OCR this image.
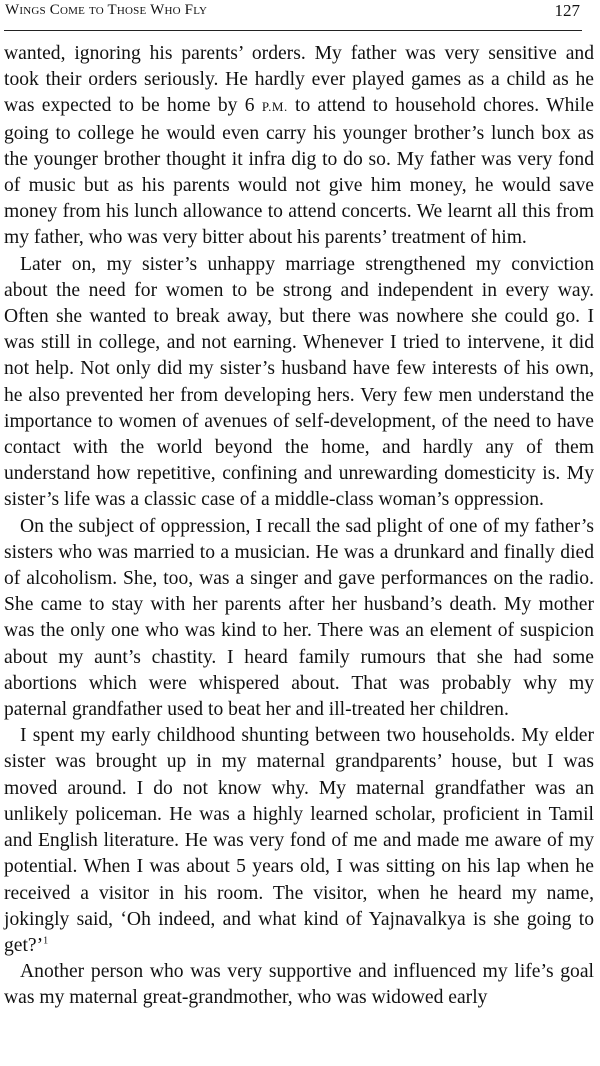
Wings Come to Those Who Fly	127

wanted, ignoring his parents’ orders. My father was very sensitive and took their orders seriously. He hardly ever played games as a child as he was expected to be home by 6 P.M. to attend to household chores. While going to college he would even carry his younger brother’s lunch box as the younger brother thought it infra dig to do so. My father was very fond of music but as his parents would not give him money, he would save money from his lunch allowance to attend concerts. We learnt all this from my father, who was very bitter about his parents’ treatment of him.

Later on, my sister’s unhappy marriage strengthened my conviction about the need for women to be strong and independent in every way. Often she wanted to break away, but there was nowhere she could go. I was still in college, and not earning. Whenever I tried to intervene, it did not help. Not only did my sister’s husband have few interests of his own, he also prevented her from developing hers. Very few men understand the importance to women of avenues of self-development, of the need to have contact with the world beyond the home, and hardly any of them understand how repetitive, confining and unrewarding domesticity is. My sister’s life was a classic case of a middle-class woman’s oppression.

On the subject of oppression, I recall the sad plight of one of my father’s sisters who was married to a musician. He was a drunkard and finally died of alcoholism. She, too, was a singer and gave performances on the radio. She came to stay with her parents after her husband’s death. My mother was the only one who was kind to her. There was an element of suspicion about my aunt’s chastity. I heard family rumours that she had some abortions which were whispered about. That was probably why my paternal grandfather used to beat her and ill-treated her children.

I spent my early childhood shunting between two households. My elder sister was brought up in my maternal grandparents’ house, but I was moved around. I do not know why. My maternal grandfather was an unlikely policeman. He was a highly learned scholar, proficient in Tamil and English literature. He was very fond of me and made me aware of my potential. When I was about 5 years old, I was sitting on his lap when he received a visitor in his room. The visitor, when he heard my name, jokingly said, ‘Oh indeed, and what kind of Yajnavalkya is she going to get?’$^1$

Another person who was very supportive and influenced my life’s goal was my maternal great-grandmother, who was widowed early
